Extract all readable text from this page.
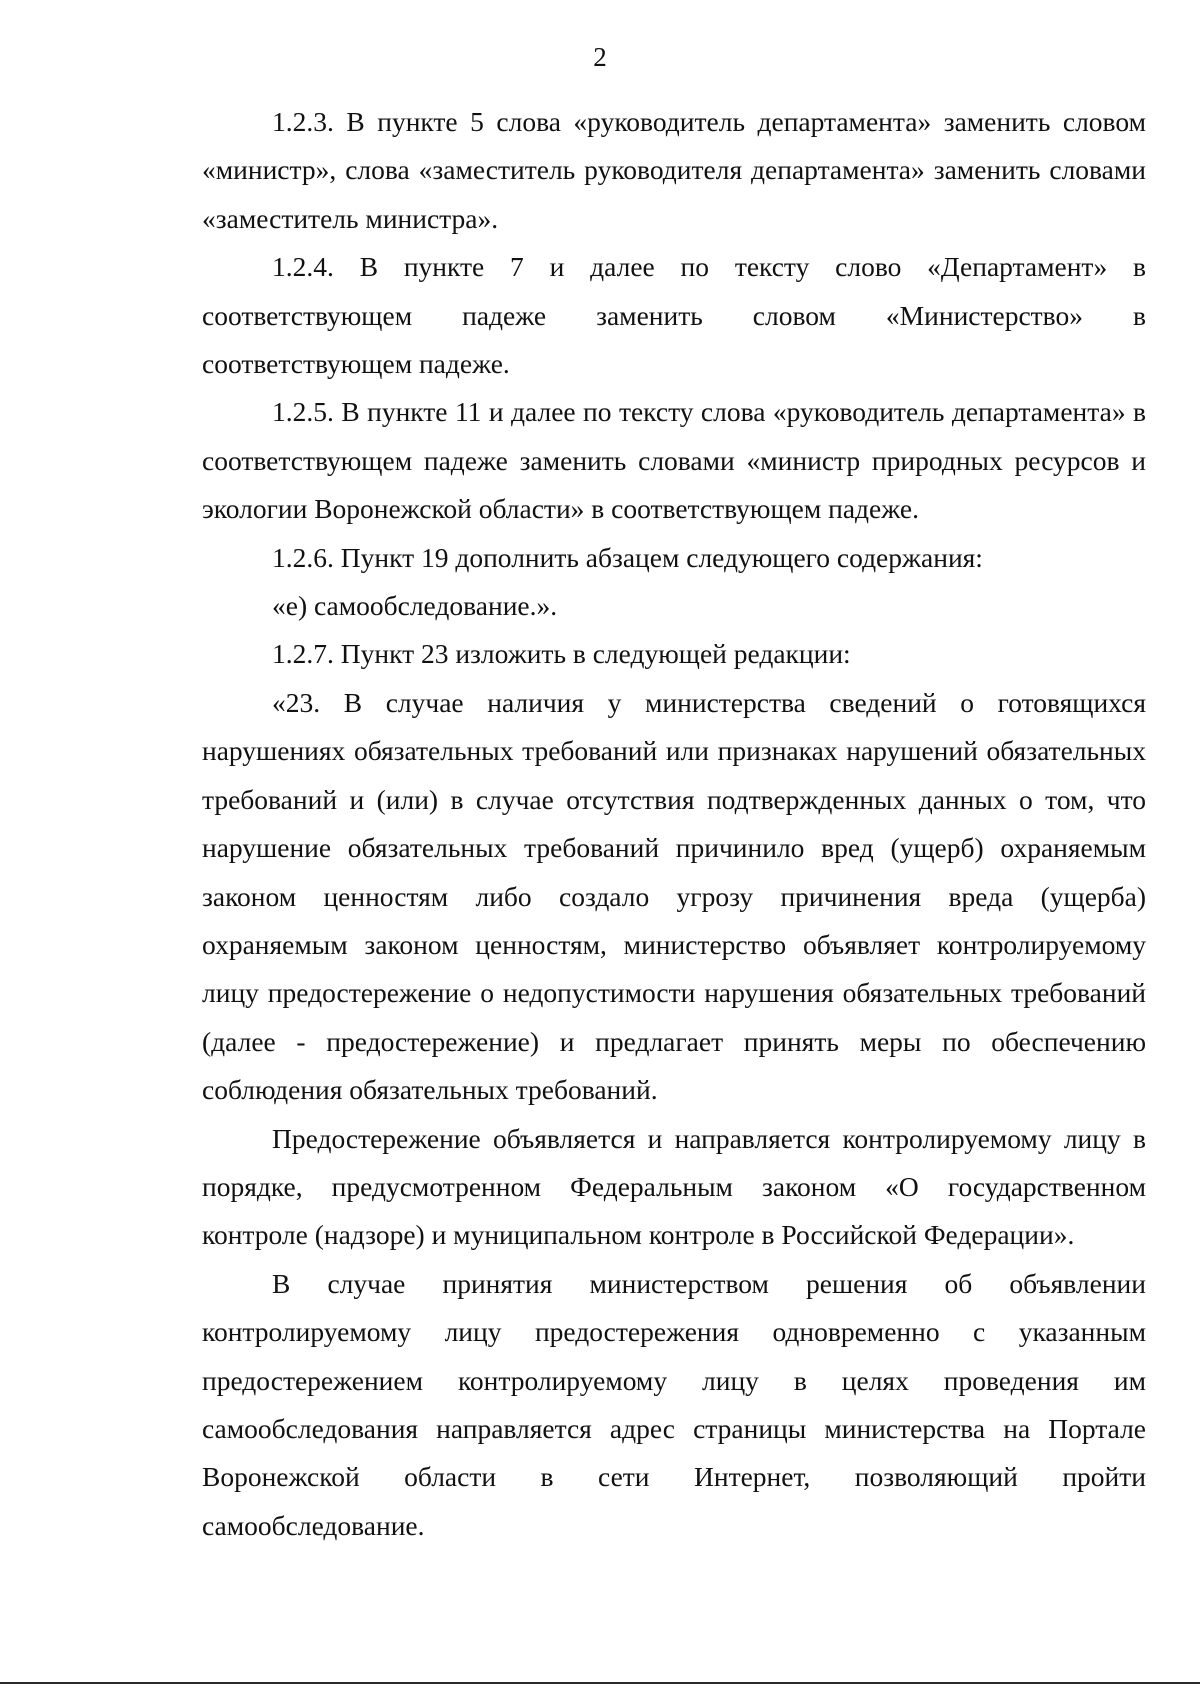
2

1.2.3. В пункте 5 слова «руководитель департамента» заменить словом «министр», слова «заместитель руководителя департамента» заменить словами «заместитель министра».

1.2.4. В пункте 7 и далее по тексту слово «Департамент» в соответствующем падеже заменить словом «Министерство» в соответствующем падеже.

1.2.5. В пункте 11 и далее по тексту слова «руководитель департамента» в соответствующем падеже заменить словами «министр природных ресурсов и экологии Воронежской области» в соответствующем падеже.

1.2.6. Пункт 19 дополнить абзацем следующего содержания:

«е) самообследование.».

1.2.7. Пункт 23 изложить в следующей редакции:

«23. В случае наличия у министерства сведений о готовящихся нарушениях обязательных требований или признаках нарушений обязательных требований и (или) в случае отсутствия подтвержденных данных о том, что нарушение обязательных требований причинило вред (ущерб) охраняемым законом ценностям либо создало угрозу причинения вреда (ущерба) охраняемым законом ценностям, министерство объявляет контролируемому лицу предостережение о недопустимости нарушения обязательных требований (далее - предостережение) и предлагает принять меры по обеспечению соблюдения обязательных требований.

Предостережение объявляется и направляется контролируемому лицу в порядке, предусмотренном Федеральным законом «О государственном контроле (надзоре) и муниципальном контроле в Российской Федерации».

В случае принятия министерством решения об объявлении контролируемому лицу предостережения одновременно с указанным предостережением контролируемому лицу в целях проведения им самообследования направляется адрес страницы министерства на Портале Воронежской области в сети Интернет, позволяющий пройти самообследование.
